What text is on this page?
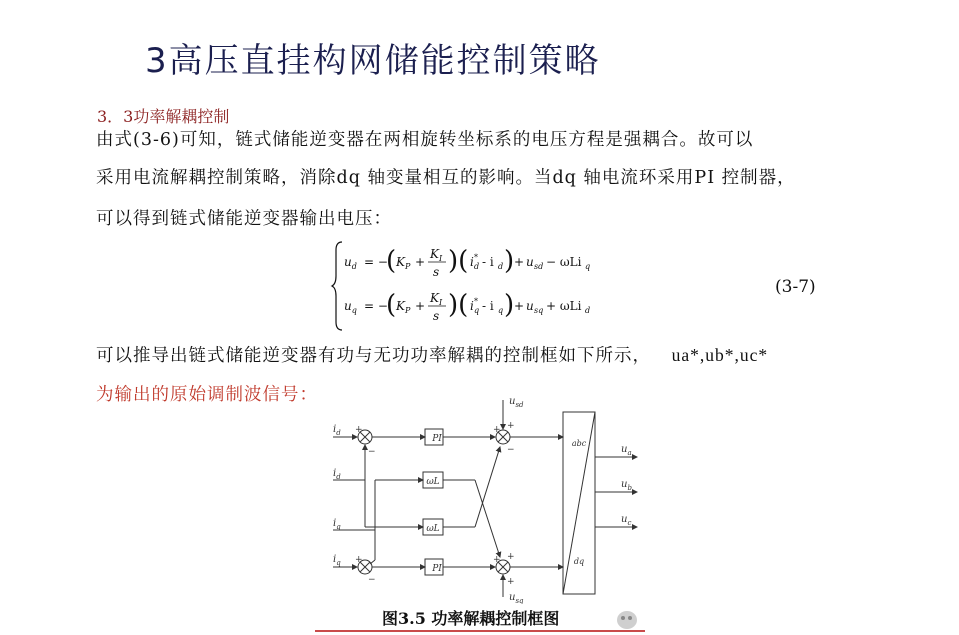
3高压直挂构网储能控制策略
3．3功率解耦控制
由式(3-6)可知，链式储能逆变器在两相旋转坐标系的电压方程是强耦合。故可以
采用电流解耦控制策略，消除dq 轴变量相互的影响。当dq 轴电流环采用PI 控制器，
可以得到链式储能逆变器输出电压：
$u_d$ = −
( K P +
K I
s )( i *
d - i d ) + u sd − ωLi q
$u_q$ = −
( K P +
K I
s )( i *
q - i q ) + u sq + ωLi d
(3-7)
可以推导出链式储能逆变器有功与无功功率解耦的控制框如下所示， ua*,ub*,uc*
为输出的原始调制波信号：
PI
PI
ωL
ωL
abc
dq
$i_d$
$i_d$
$i_q$
$i_q$
$u_{sd}$
$u_{sq}$
$u_a$
$u_b$
$u_c$
+
−
+
+
−
+
−
+
+
+
图3.5 功率解耦控制框图
